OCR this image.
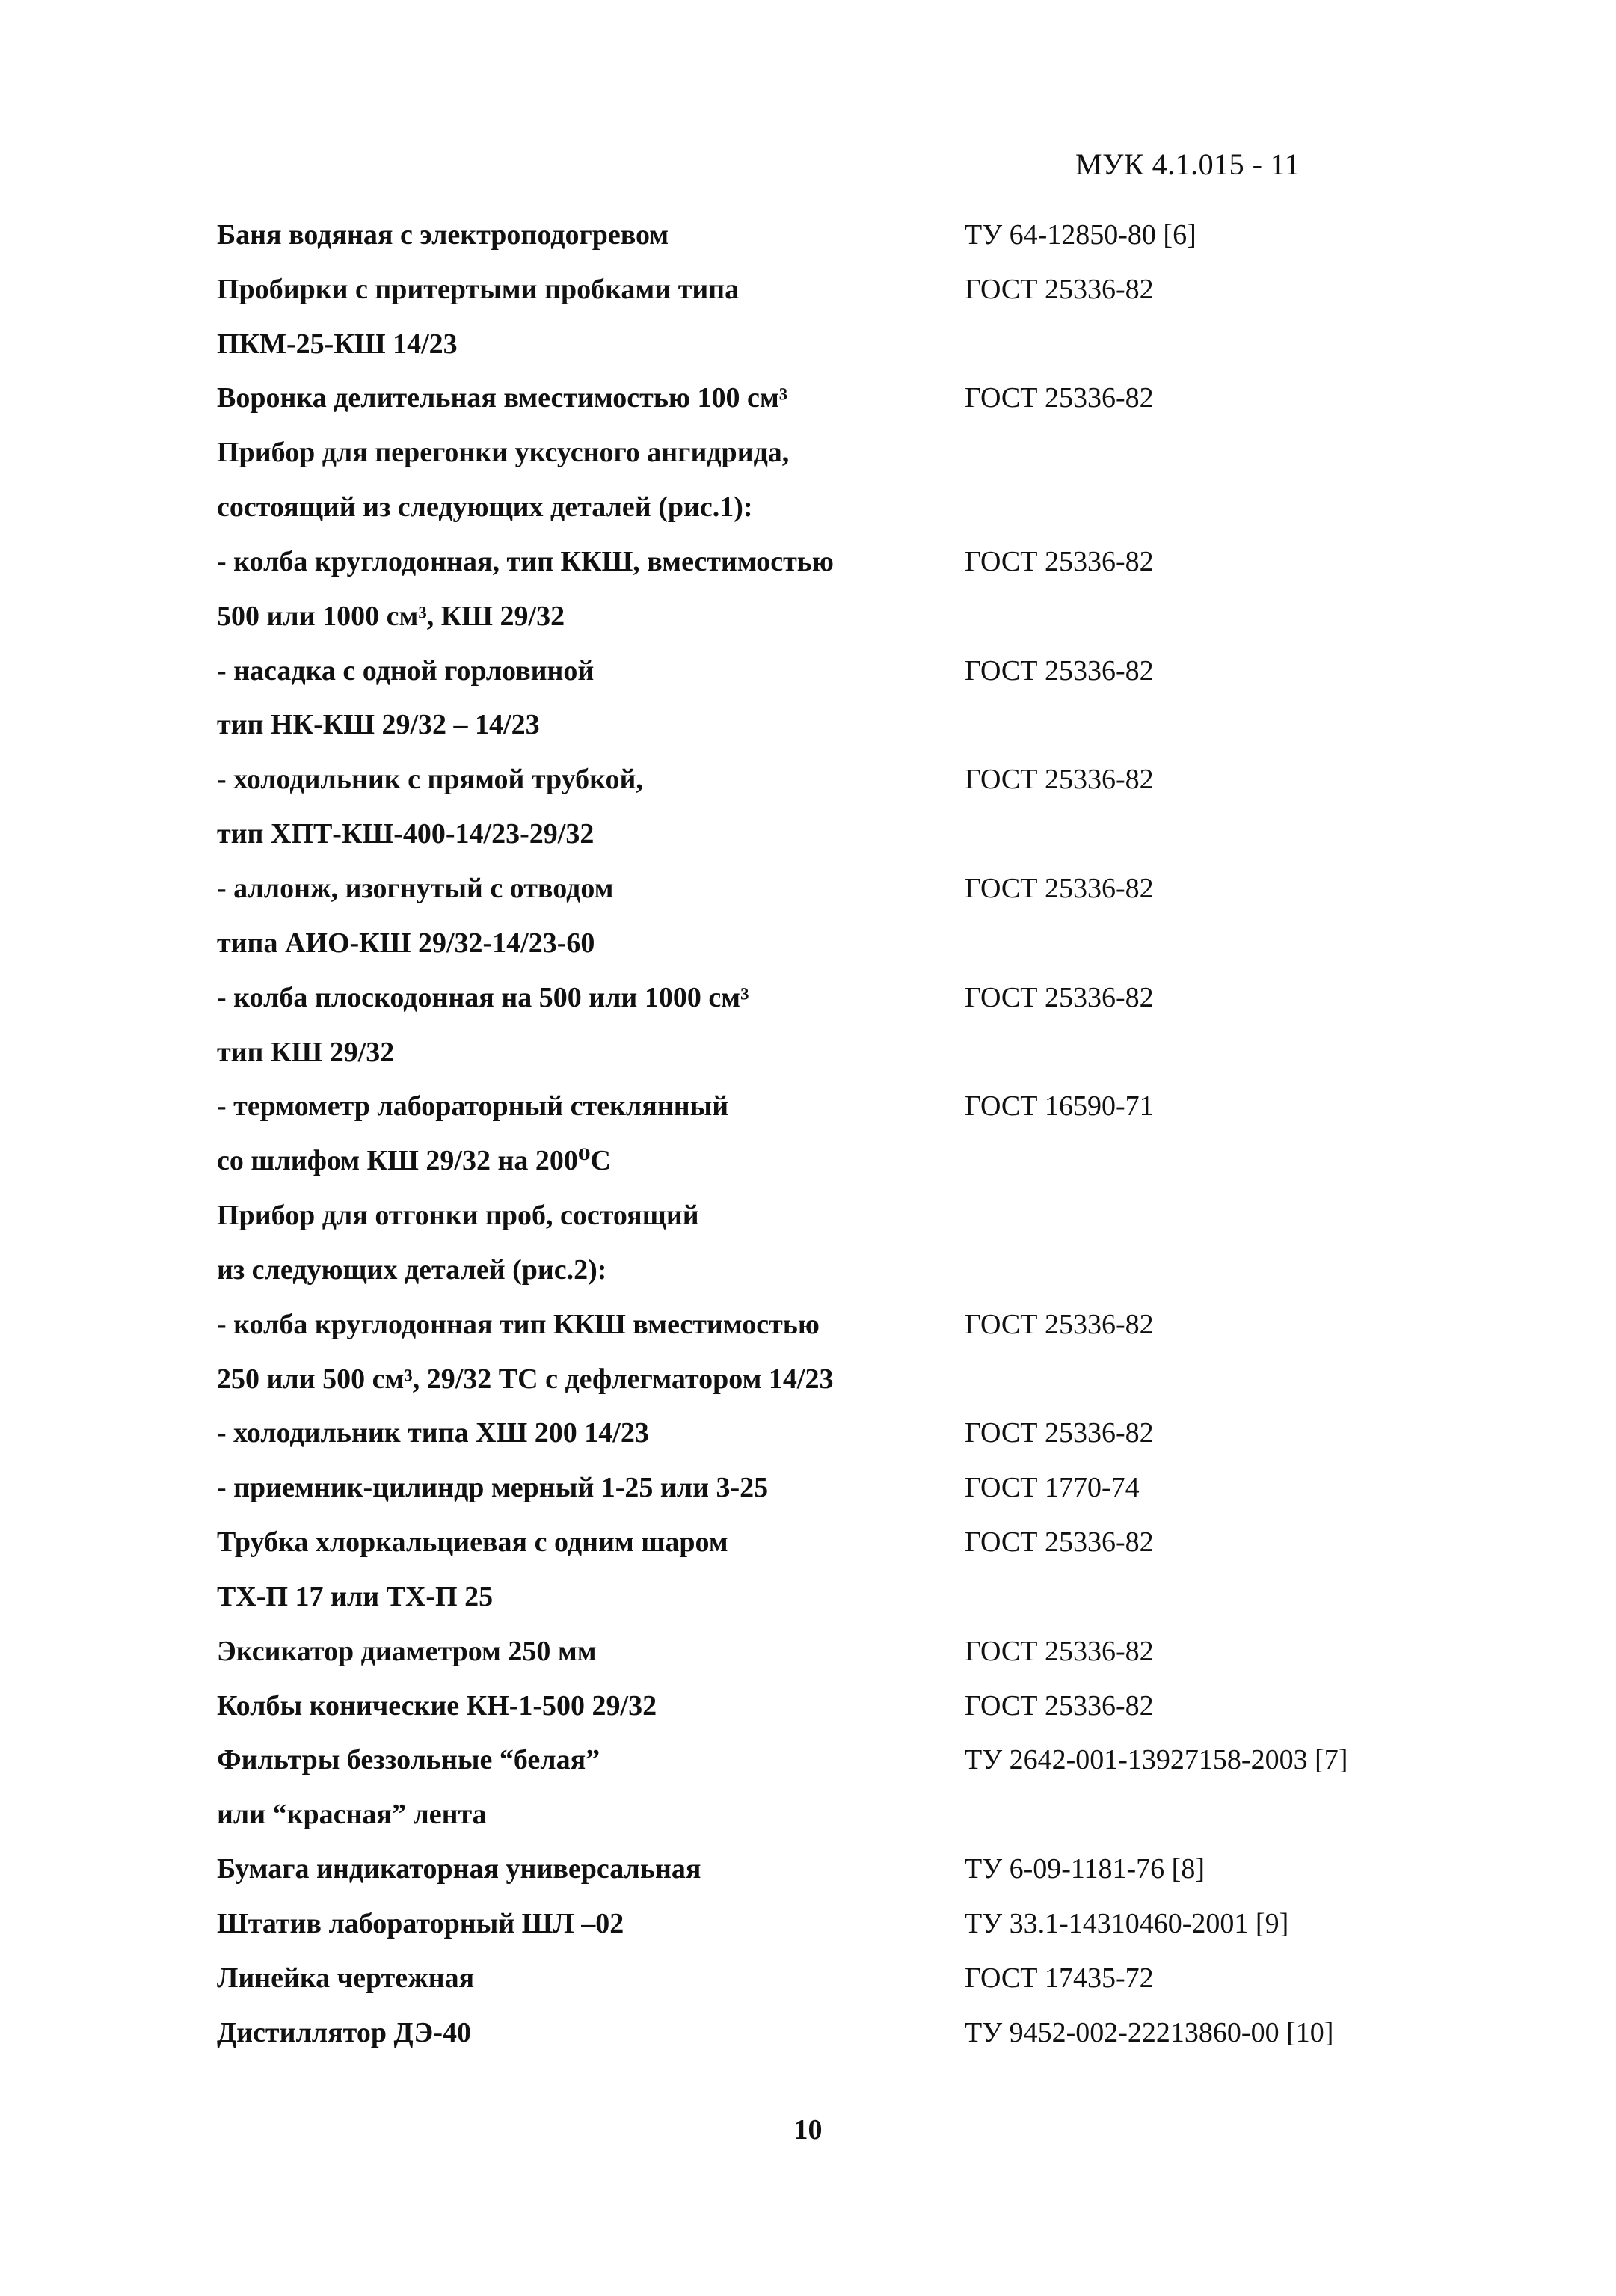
МУК 4.1.015 - 11
Баня водяная с электроподогревом	ТУ 64-12850-80 [6]
Пробирки с притертыми пробками типа	ГОСТ 25336-82
ПКМ-25-КШ 14/23
Воронка делительная вместимостью 100 см³	ГОСТ 25336-82
Прибор для перегонки уксусного ангидрида,
состоящий из следующих деталей (рис.1):
- колба круглодонная, тип ККШ, вместимостью	ГОСТ 25336-82
500 или 1000 см³, КШ 29/32
- насадка с одной горловиной	ГОСТ 25336-82
тип НК-КШ 29/32 – 14/23
- холодильник с прямой трубкой,	ГОСТ 25336-82
тип ХПТ-КШ-400-14/23-29/32
- аллонж, изогнутый с отводом	ГОСТ 25336-82
типа АИО-КШ 29/32-14/23-60
- колба плоскодонная на 500 или 1000 см³	ГОСТ 25336-82
тип КШ 29/32
- термометр лабораторный стеклянный	ГОСТ 16590-71
со шлифом КШ 29/32 на 200⁰С
Прибор для отгонки проб, состоящий
из следующих деталей (рис.2):
- колба круглодонная тип ККШ вместимостью	ГОСТ 25336-82
250 или 500 см³, 29/32 ТС с дефлегматором 14/23
- холодильник типа ХШ 200 14/23	ГОСТ 25336-82
- приемник-цилиндр мерный 1-25 или 3-25	ГОСТ 1770-74
Трубка хлоркальциевая с одним шаром	ГОСТ 25336-82
ТХ-П 17 или ТХ-П 25
Эксикатор диаметром 250 мм	ГОСТ 25336-82
Колбы конические КН-1-500 29/32	ГОСТ 25336-82
Фильтры беззольные “белая”	ТУ 2642-001-13927158-2003 [7]
или “красная” лента
Бумага индикаторная универсальная	ТУ 6-09-1181-76 [8]
Штатив лабораторный ШЛ –02	ТУ 33.1-14310460-2001 [9]
Линейка чертежная	ГОСТ 17435-72
Дистиллятор ДЭ-40	ТУ 9452-002-22213860-00 [10]
10
